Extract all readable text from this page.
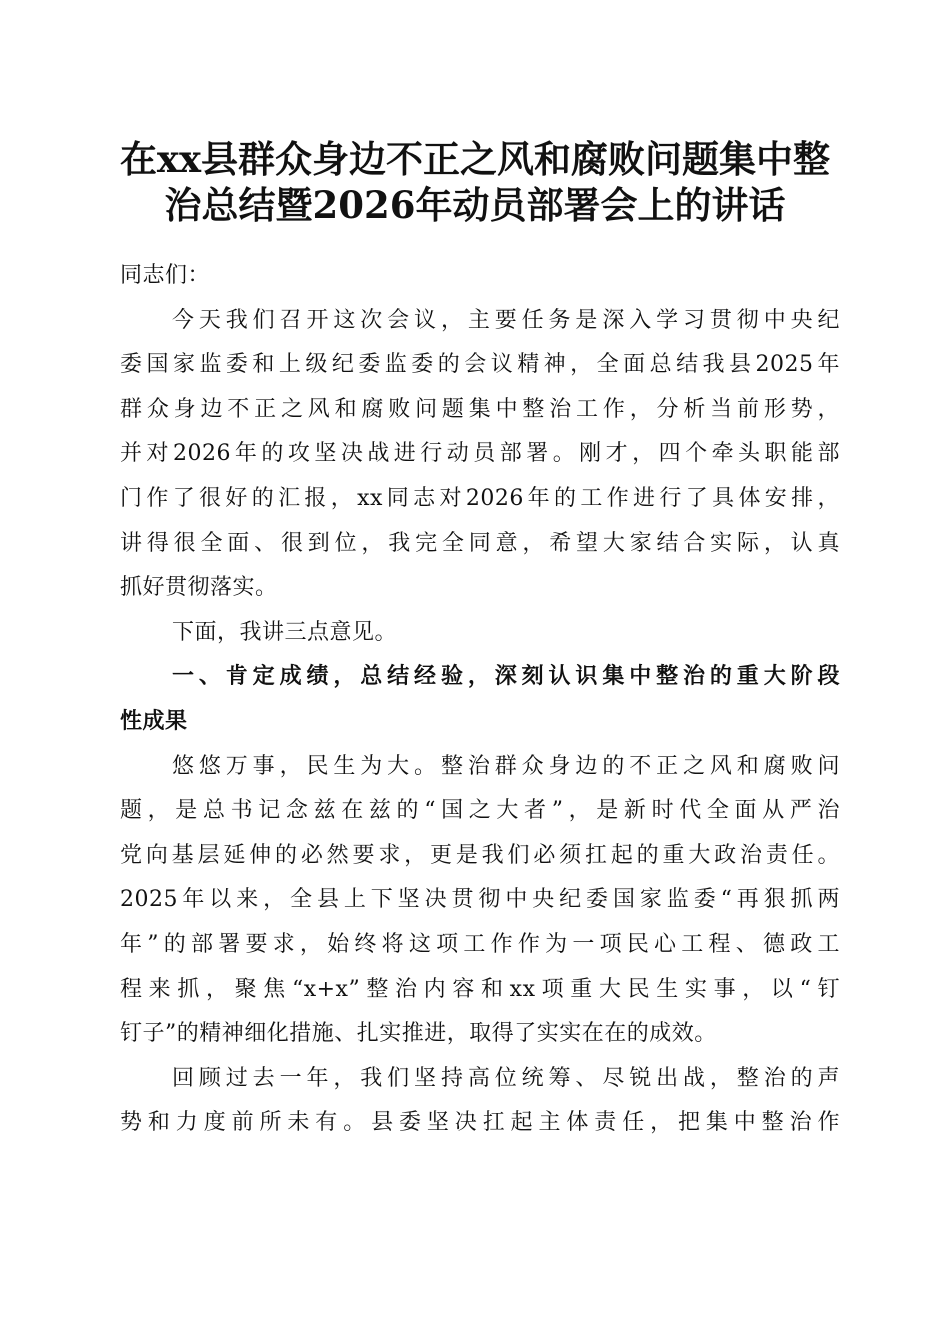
在xx县群众身边不正之风和腐败问题集中整
治总结暨2026年动员部署会上的讲话
同志们：
今天我们召开这次会议，主要任务是深入学习贯彻中央纪
委国家监委和上级纪委监委的会议精神，全面总结我县2025年
群众身边不正之风和腐败问题集中整治工作，分析当前形势，
并对2026年的攻坚决战进行动员部署。刚才，四个牵头职能部
门作了很好的汇报，xx同志对2026年的工作进行了具体安排，
讲得很全面、很到位，我完全同意，希望大家结合实际，认真
抓好贯彻落实。
下面，我讲三点意见。
一、肯定成绩，总结经验，深刻认识集中整治的重大阶段
性成果
悠悠万事，民生为大。整治群众身边的不正之风和腐败问
题，是总书记念兹在兹的“国之大者”，是新时代全面从严治
党向基层延伸的必然要求，更是我们必须扛起的重大政治责任。
2025年以来，全县上下坚决贯彻中央纪委国家监委“再狠抓两
年”的部署要求，始终将这项工作作为一项民心工程、德政工
程来抓，聚焦“x+x”整治内容和xx项重大民生实事，以“钉
钉子”的精神细化措施、扎实推进，取得了实实在在的成效。
回顾过去一年，我们坚持高位统筹、尽锐出战，整治的声
势和力度前所未有。县委坚决扛起主体责任，把集中整治作
